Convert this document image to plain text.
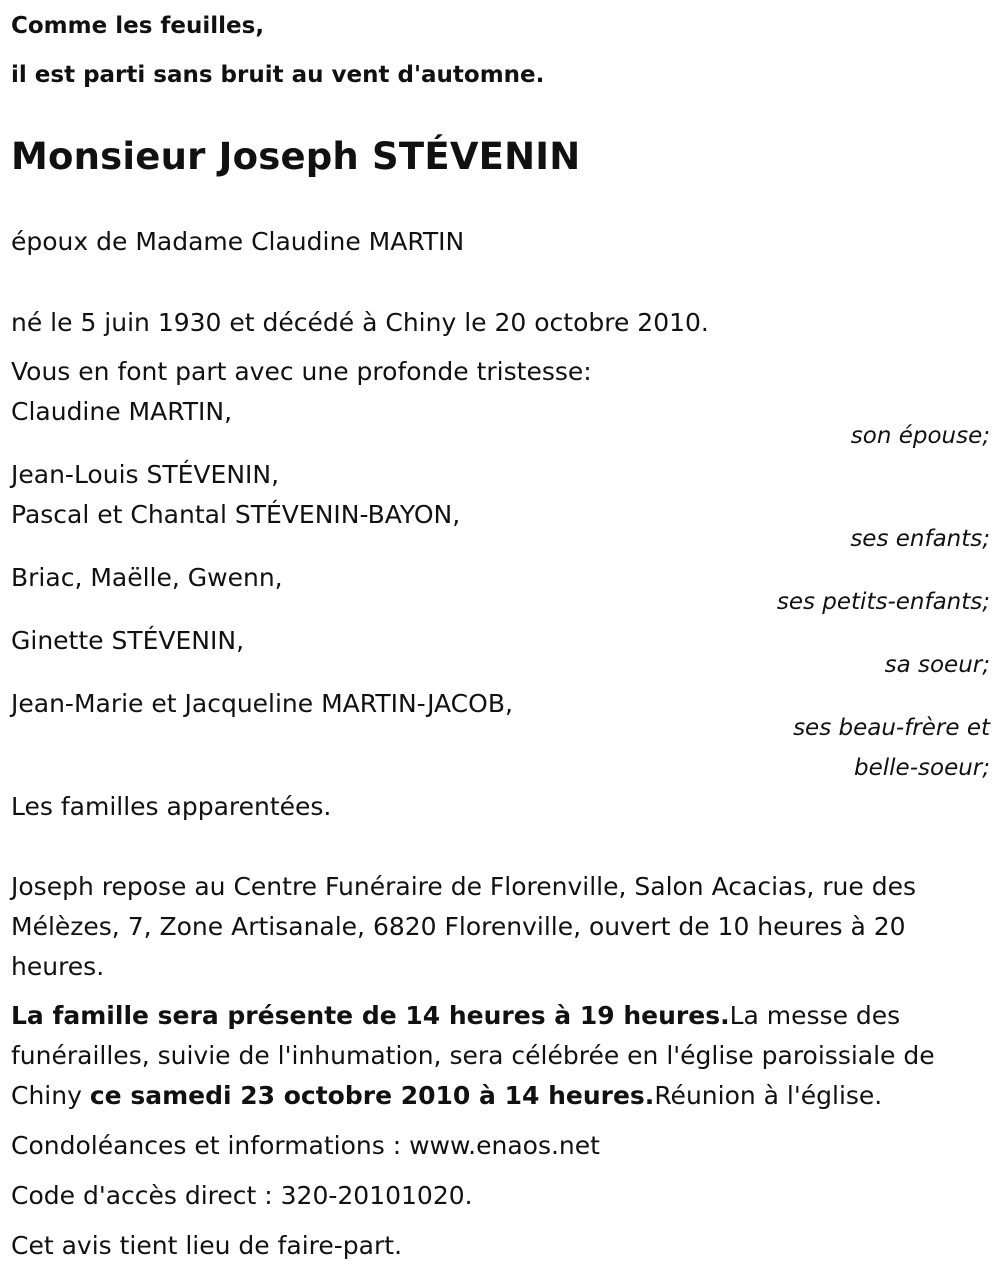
Comme les feuilles,

il est parti sans bruit au vent d'automne.

Monsieur Joseph STÉVENIN
époux de Madame Claudine MARTIN
né le 5 juin 1930 et décédé à Chiny le 20 octobre 2010.
Vous en font part avec une profonde tristesse:
Claudine MARTIN,
son épouse;
Jean-Louis STÉVENIN,
Pascal et Chantal STÉVENIN-BAYON,
ses enfants;
Briac, Maëlle, Gwenn,
ses petits-enfants;
Ginette STÉVENIN,
sa soeur;
Jean-Marie et Jacqueline MARTIN-JACOB,
ses beau-frère et
belle-soeur;
Les familles apparentées.

Joseph repose au Centre Funéraire de Florenville, Salon Acacias, rue des Mélèzes, 7, Zone Artisanale, 6820 Florenville, ouvert de 10 heures à 20 heures.

La famille sera présente de 14 heures à 19 heures.La messe des funérailles, suivie de l'inhumation, sera célébrée en l'église paroissiale de Chiny ce samedi 23 octobre 2010 à 14 heures.Réunion à l'église.

Condoléances et informations : www.enaos.net
Code d'accès direct : 320-20101020.
Cet avis tient lieu de faire-part.
